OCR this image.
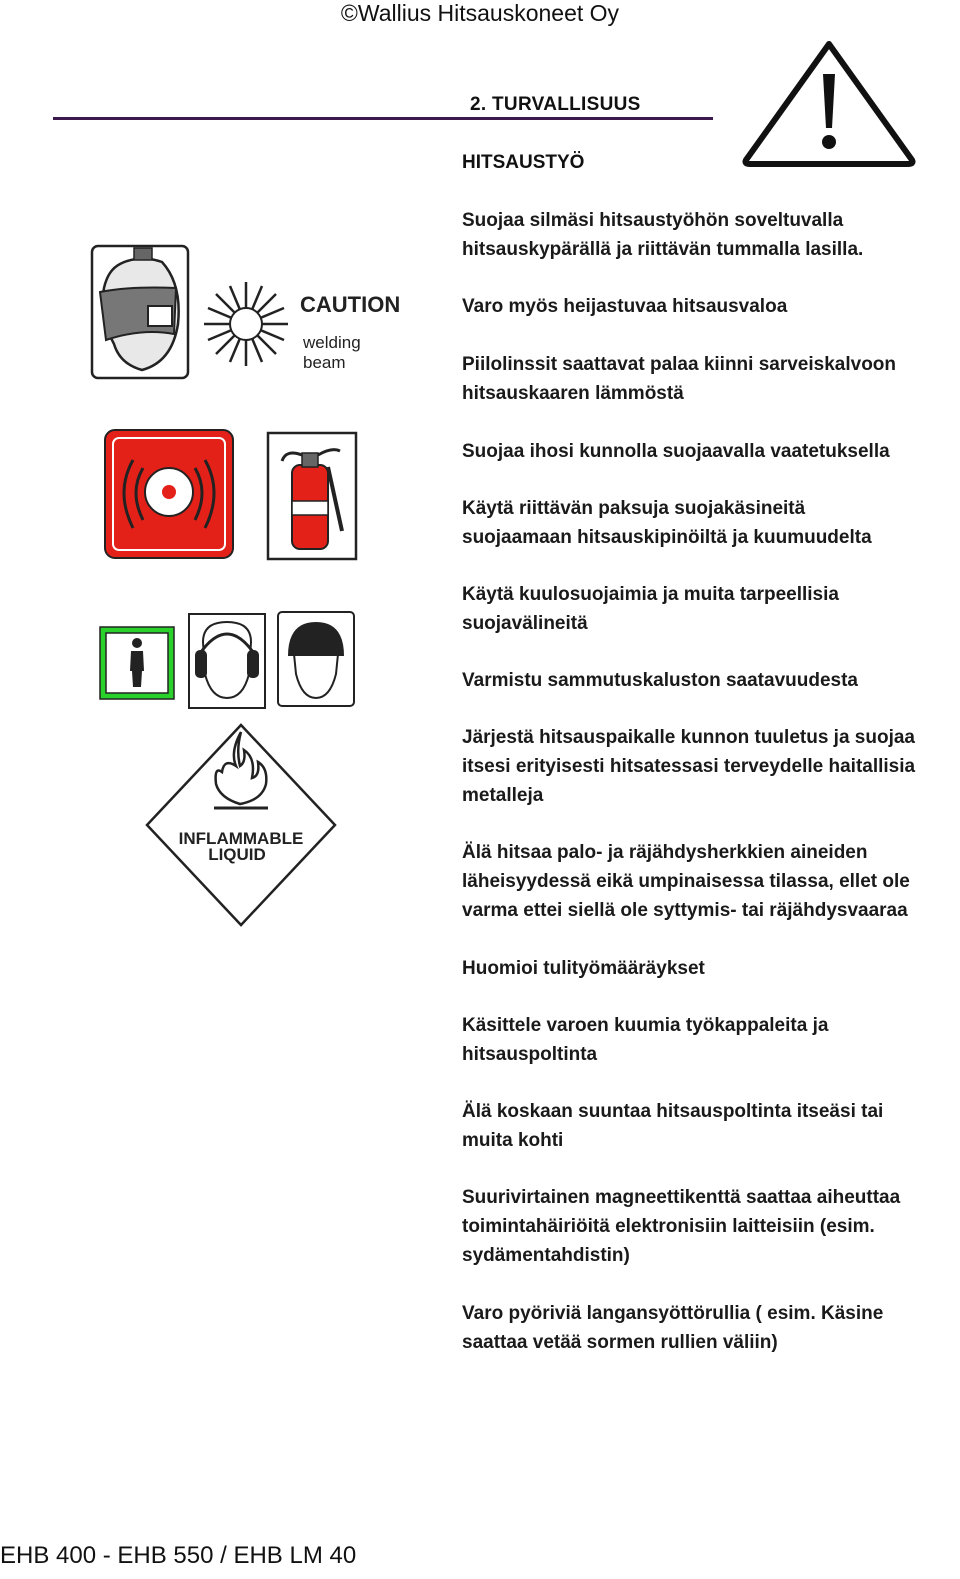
©Wallius Hitsauskoneet Oy
2. TURVALLISUUS
HITSAUSTYÖ
Suojaa silmäsi hitsaustyöhön soveltuvalla
hitsauskypärällä ja riittävän tummalla lasilla.
Varo myös heijastuvaa hitsausvaloa
Piilolinssit saattavat palaa kiinni sarveiskalvoon
hitsauskaaren lämmöstä
Suojaa ihosi kunnolla suojaavalla vaatetuksella
Käytä riittävän paksuja suojakäsineitä
suojaamaan hitsauskipinöiltä ja kuumuudelta
Käytä kuulosuojaimia ja muita tarpeellisia
suojavälineitä
Varmistu sammutuskaluston saatavuudesta
Järjestä hitsauspaikalle kunnon tuuletus ja suojaa
itsesi erityisesti hitsatessasi terveydelle haitallisia
metalleja
Älä hitsaa palo- ja räjähdysherkkien aineiden
läheisyydessä eikä umpinaisessa tilassa, ellet ole
varma ettei siellä ole syttymis- tai räjähdysvaaraa
Huomioi tulityömääräykset
Käsittele varoen kuumia työkappaleita ja
hitsauspoltinta
Älä koskaan suuntaa hitsauspoltinta itseäsi tai
muita kohti
Suurivirtainen magneettikenttä saattaa aiheuttaa
toimintahäiriöitä elektronisiin laitteisiin (esim.
sydämentahdistin)
Varo pyöriviä langansyöttörullia ( esim. Käsine
saattaa vetää sormen rullien väliin)
CAUTION
welding
beam
INFLAMMABLE
LIQUID
EHB 400 - EHB 550 / EHB LM 40
